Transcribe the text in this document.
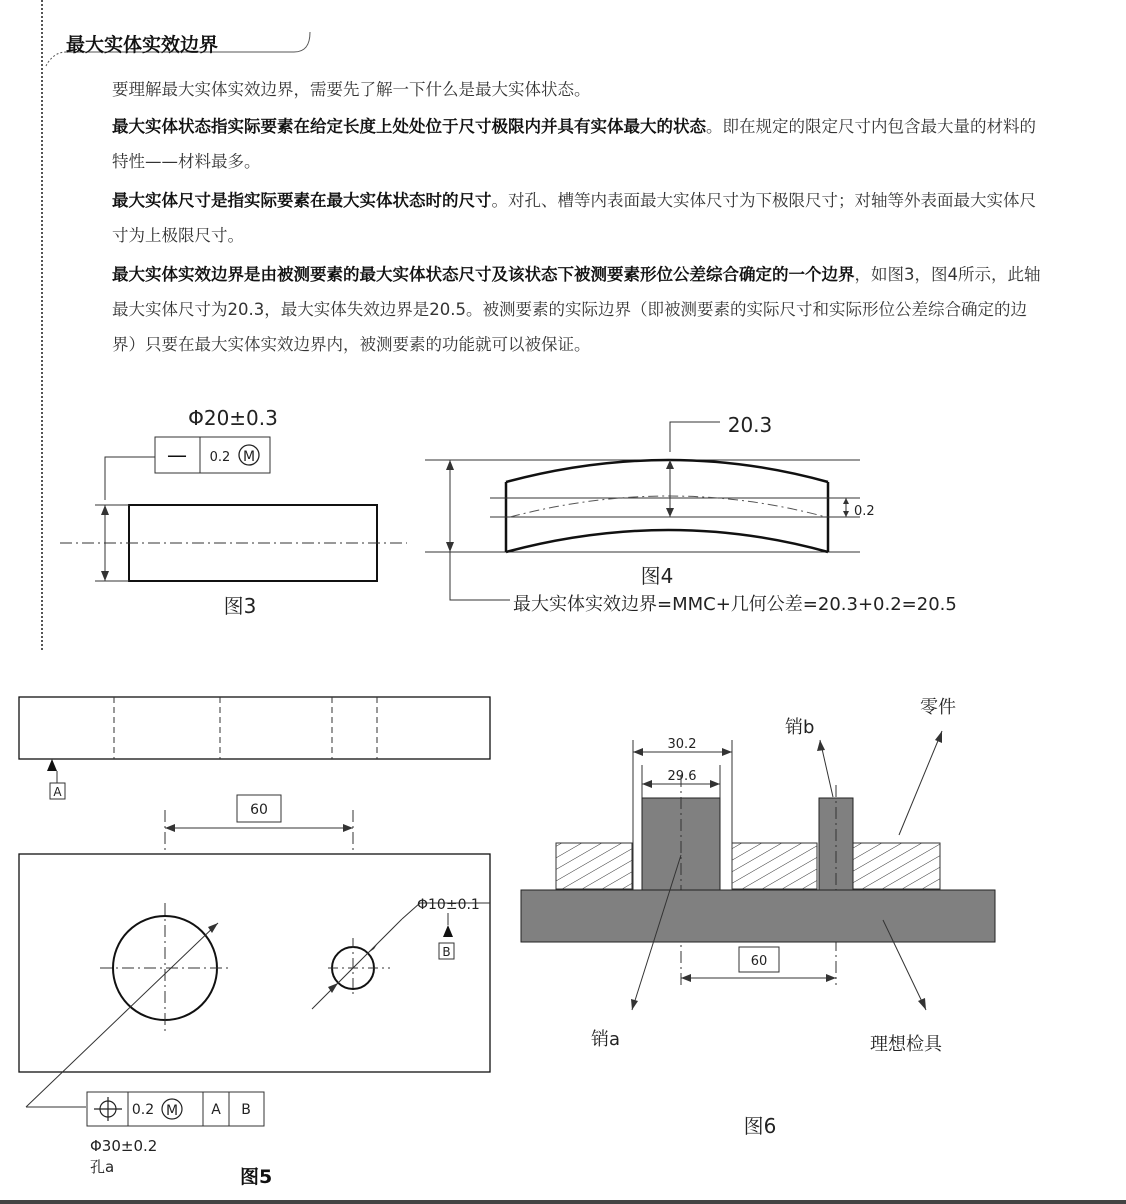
最大实体实效边界
要理解最大实体实效边界，需要先了解一下什么是最大实体状态。
最大实体状态指实际要素在给定长度上处处位于尺寸极限内并具有实体最大的状态。即在规定的限定尺寸内包含最大量的材料的特性——材料最多。
最大实体尺寸是指实际要素在最大实体状态时的尺寸。对孔、槽等内表面最大实体尺寸为下极限尺寸；对轴等外表面最大实体尺寸为上极限尺寸。
最大实体实效边界是由被测要素的最大实体状态尺寸及该状态下被测要素形位公差综合确定的一个边界，如图3，图4所示，此轴最大实体尺寸为20.3，最大实体失效边界是20.5。被测要素的实际边界（即被测要素的实际尺寸和实际形位公差综合确定的边界）只要在最大实体实效边界内，被测要素的功能就可以被保证。
Φ20±0.3
— 0.2 M
图3
20.3
0.2
图4
最大实体实效边界=MMC+几何公差=20.3+0.2=20.5
A
60
Φ10±0.1
B
0.2 M A B
Φ30±0.2
孔a	图5
零件
销b
30.2
29.6
60
销a	理想检具
图6
